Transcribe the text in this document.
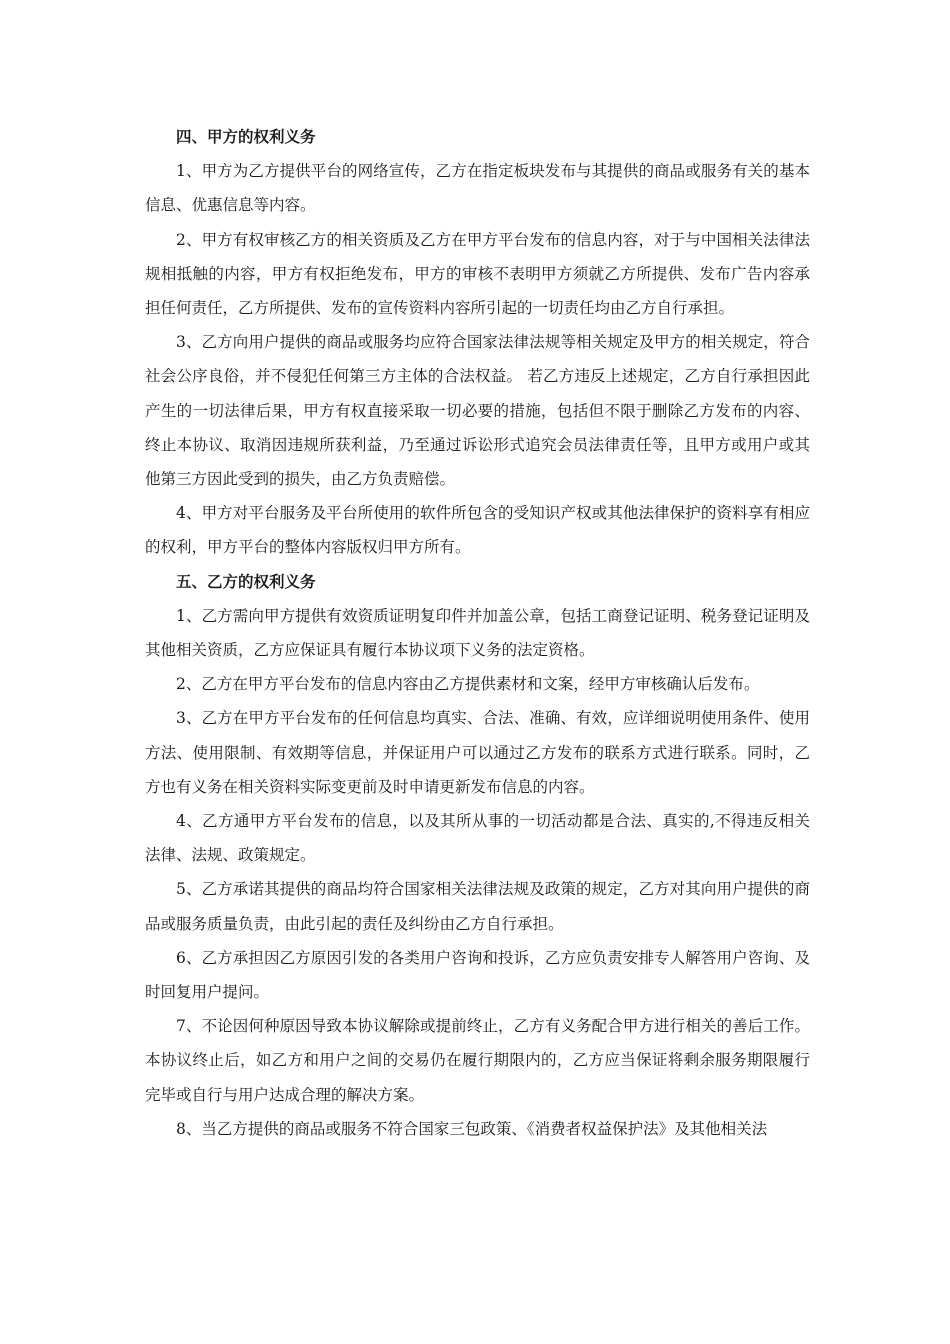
四、甲方的权利义务

1、甲方为乙方提供平台的网络宣传，乙方在指定板块发布与其提供的商品或服务有关的基本信息、优惠信息等内容。

2、甲方有权审核乙方的相关资质及乙方在甲方平台发布的信息内容，对于与中国相关法律法规相抵触的内容，甲方有权拒绝发布，甲方的审核不表明甲方须就乙方所提供、发布广告内容承担任何责任，乙方所提供、发布的宣传资料内容所引起的一切责任均由乙方自行承担。

3、乙方向用户提供的商品或服务均应符合国家法律法规等相关规定及甲方的相关规定，符合社会公序良俗，并不侵犯任何第三方主体的合法权益。 若乙方违反上述规定，乙方自行承担因此产生的一切法律后果，甲方有权直接采取一切必要的措施，包括但不限于删除乙方发布的内容、终止本协议、取消因违规所获利益，乃至通过诉讼形式追究会员法律责任等，且甲方或用户或其他第三方因此受到的损失，由乙方负责赔偿。

4、甲方对平台服务及平台所使用的软件所包含的受知识产权或其他法律保护的资料享有相应的权利，甲方平台的整体内容版权归甲方所有。

五、乙方的权利义务

1、乙方需向甲方提供有效资质证明复印件并加盖公章，包括工商登记证明、税务登记证明及其他相关资质，乙方应保证具有履行本协议项下义务的法定资格。

2、乙方在甲方平台发布的信息内容由乙方提供素材和文案，经甲方审核确认后发布。

3、乙方在甲方平台发布的任何信息均真实、合法、准确、有效，应详细说明使用条件、使用方法、使用限制、有效期等信息，并保证用户可以通过乙方发布的联系方式进行联系。同时，乙方也有义务在相关资料实际变更前及时申请更新发布信息的内容。

4、乙方通甲方平台发布的信息，以及其所从事的一切活动都是合法、真实的,不得违反相关法律、法规、政策规定。

5、乙方承诺其提供的商品均符合国家相关法律法规及政策的规定，乙方对其向用户提供的商品或服务质量负责，由此引起的责任及纠纷由乙方自行承担。

6、乙方承担因乙方原因引发的各类用户咨询和投诉，乙方应负责安排专人解答用户咨询、及时回复用户提问。

7、不论因何种原因导致本协议解除或提前终止，乙方有义务配合甲方进行相关的善后工作。本协议终止后，如乙方和用户之间的交易仍在履行期限内的，乙方应当保证将剩余服务期限履行完毕或自行与用户达成合理的解决方案。

8、当乙方提供的商品或服务不符合国家三包政策、《消费者权益保护法》及其他相关法
